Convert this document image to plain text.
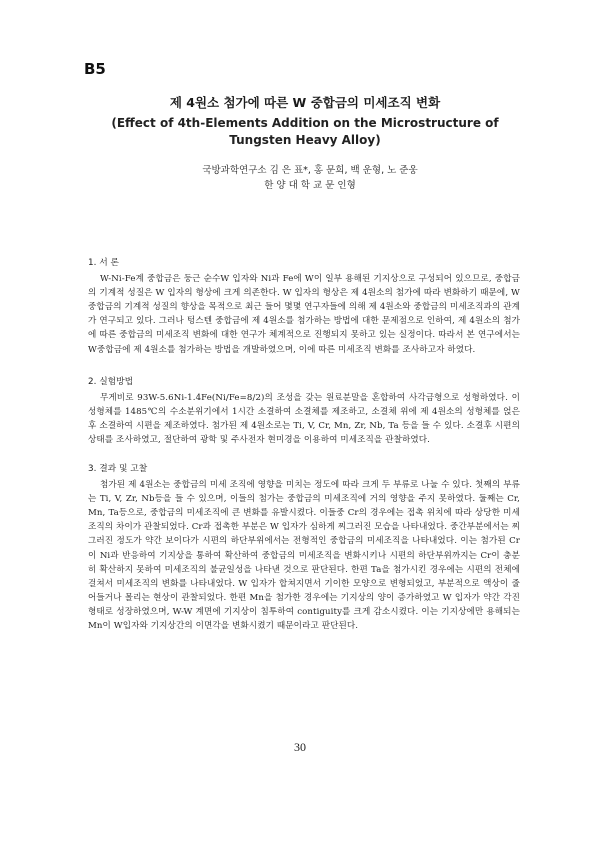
B5
제 4원소 첨가에 따른 W 중합금의 미세조직 변화
(Effect of 4th-Elements Addition on the Microstructure of
Tungsten Heavy Alloy)
국방과학연구소 김 은 표*, 홍 문희, 백 운형, 노 준웅
한 양 대 학 교 문 인형
1. 서 론

W-Ni-Fe계 중합금은 둥근 순수W 입자와 Ni과 Fe에 W이 일부 용해된 기지상으로 구성되어 있으므로, 중합금의 기계적 성질은 W 입자의 형상에 크게 의존한다. W 입자의 형상은 제 4원소의 첨가에 따라 변화하기 때문에, W 중합금의 기계적 성질의 향상을 목적으로 최근 들어 몇몇 연구자들에 의해 제 4원소와 중합금의 미세조직과의 관계가 연구되고 있다. 그러나 텅스텐 중합금에 제 4원소를 첨가하는 방법에 대한 문제점으로 인하여, 제 4원소의 첨가에 따른 중합금의 미세조직 변화에 대한 연구가 체계적으로 진행되지 못하고 있는 실정이다. 따라서 본 연구에서는 W중합금에 제 4원소를 첨가하는 방법을 개발하였으며, 이에 따른 미세조직 변화를 조사하고자 하였다.

2. 실험방법

무게비로 93W-5.6Ni-1.4Fe(Ni/Fe=8/2)의 조성을 갖는 원료분말을 혼합하여 사각금형으로 성형하였다. 이 성형체를 1485℃의 수소분위기에서 1시간 소결하여 소결체를 제조하고, 소결체 위에 제 4원소의 성형체를 얹은 후 소결하여 시편을 제조하였다. 첨가된 제 4원소로는 Ti, V, Cr, Mn, Zr, Nb, Ta 등을 들 수 있다. 소결후 시편의 상태를 조사하였고, 절단하여 광학 및 주사전자 현미경을 이용하여 미세조직을 관찰하였다.

3. 결과 및 고찰

첨가된 제 4원소는 중합금의 미세 조직에 영향을 미치는 정도에 따라 크게 두 부류로 나눌 수 있다. 첫째의 부류는 Ti, V, Zr, Nb등을 들 수 있으며, 이들의 첨가는 중합금의 미세조직에 거의 영향을 주지 못하였다. 둘째는 Cr, Mn, Ta등으로, 중합금의 미세조직에 큰 변화를 유발시켰다. 이들중 Cr의 경우에는 접촉 위치에 따라 상당한 미세조직의 차이가 관찰되었다. Cr과 접촉한 부분은 W 입자가 심하게 찌그러진 모습을 나타내었다. 중간부분에서는 찌그러진 정도가 약간 보이다가 시편의 하단부위에서는 전형적인 중합금의 미세조직을 나타내었다. 이는 첨가된 Cr이 Ni과 반응하여 기지상을 통하여 확산하여 중합금의 미세조직을 변화시키나 시편의 하단부위까지는 Cr이 충분히 확산하지 못하여 미세조직의 불균일성을 나타낸 것으로 판단된다. 한편 Ta을 첨가시킨 경우에는 시편의 전체에 걸쳐서 미세조직의 변화를 나타내었다. W 입자가 합쳐지면서 기이한 모양으로 변형되었고, 부분적으로 액상이 줄어들거나 몰리는 현상이 관찰되었다. 한편 Mn을 첨가한 경우에는 기지상의 양이 증가하였고 W 입자가 약간 각진형태로 성장하였으며, W-W 계면에 기지상이 침투하여 contiguity를 크게 감소시켰다. 이는 기지상에만 용해되는 Mn이 W입자와 기지상간의 이면각을 변화시켰기 때문이라고 판단된다.

30
